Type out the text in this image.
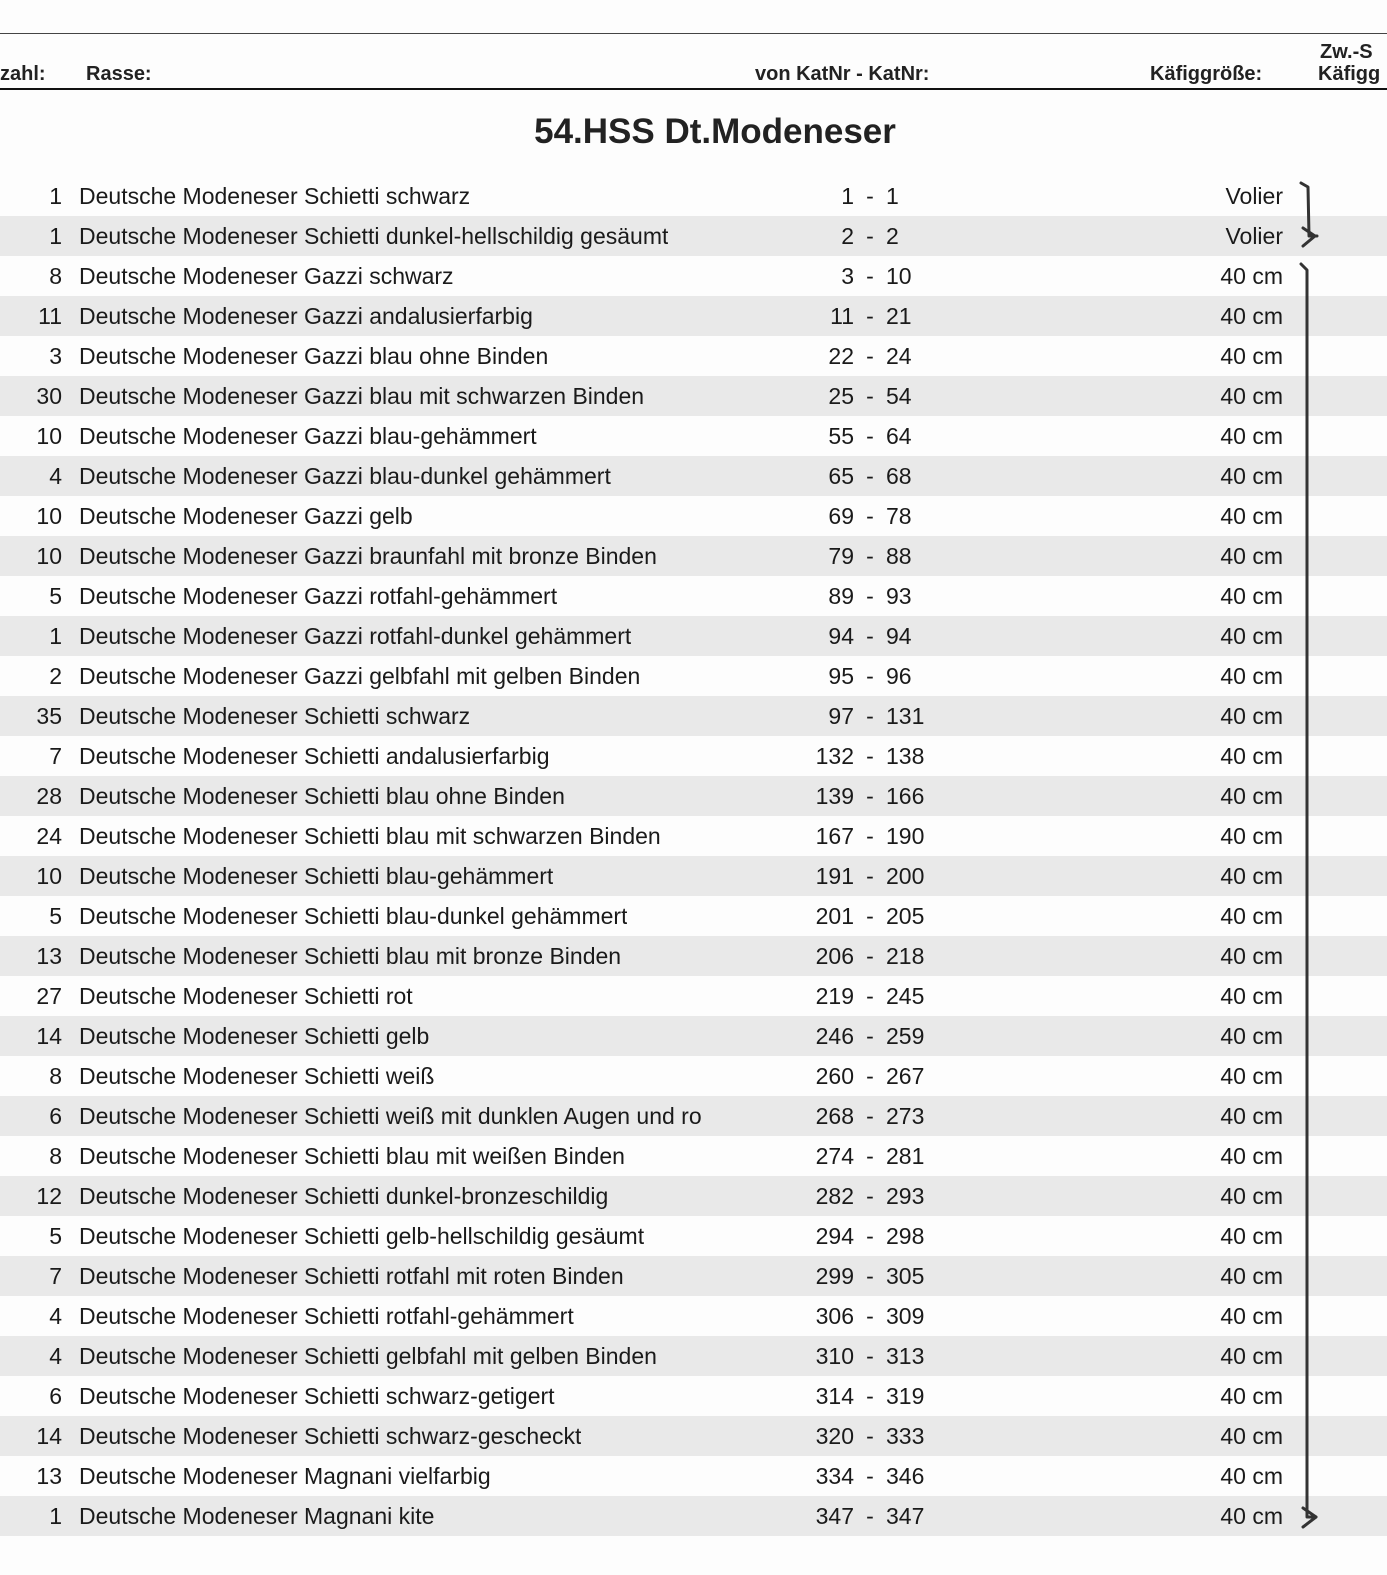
zahl: Rasse:	von KatNr - KatNr:	Käfiggröße:
Zw.-S
Käfigg
54.HSS Dt.Modeneser
1 Deutsche Modeneser Schietti schwarz	1 - 1	Volier
1 Deutsche Modeneser Schietti dunkel-hellschildig gesäumt	2 - 2	Volier
8 Deutsche Modeneser Gazzi schwarz	3 - 10	40 cm
11 Deutsche Modeneser Gazzi andalusierfarbig	11 - 21	40 cm
3 Deutsche Modeneser Gazzi blau ohne Binden	22 - 24	40 cm
30 Deutsche Modeneser Gazzi blau mit schwarzen Binden	25 - 54	40 cm
10 Deutsche Modeneser Gazzi blau-gehämmert	55 - 64	40 cm
4 Deutsche Modeneser Gazzi blau-dunkel gehämmert	65 - 68	40 cm
10 Deutsche Modeneser Gazzi gelb	69 - 78	40 cm
10 Deutsche Modeneser Gazzi braunfahl mit bronze Binden	79 - 88	40 cm
5 Deutsche Modeneser Gazzi rotfahl-gehämmert	89 - 93	40 cm
1 Deutsche Modeneser Gazzi rotfahl-dunkel gehämmert	94 - 94	40 cm
2 Deutsche Modeneser Gazzi gelbfahl mit gelben Binden	95 - 96	40 cm
35 Deutsche Modeneser Schietti schwarz	97 - 131	40 cm
7 Deutsche Modeneser Schietti andalusierfarbig	132 - 138	40 cm
28 Deutsche Modeneser Schietti blau ohne Binden	139 - 166	40 cm
24 Deutsche Modeneser Schietti blau mit schwarzen Binden	167 - 190	40 cm
10 Deutsche Modeneser Schietti blau-gehämmert	191 - 200	40 cm
5 Deutsche Modeneser Schietti blau-dunkel gehämmert	201 - 205	40 cm
13 Deutsche Modeneser Schietti blau mit bronze Binden	206 - 218	40 cm
27 Deutsche Modeneser Schietti rot	219 - 245	40 cm
14 Deutsche Modeneser Schietti gelb	246 - 259	40 cm
8 Deutsche Modeneser Schietti weiß	260 - 267	40 cm
6 Deutsche Modeneser Schietti weiß mit dunklen Augen und ro	268 - 273	40 cm
8 Deutsche Modeneser Schietti blau mit weißen Binden	274 - 281	40 cm
12 Deutsche Modeneser Schietti dunkel-bronzeschildig	282 - 293	40 cm
5 Deutsche Modeneser Schietti gelb-hellschildig gesäumt	294 - 298	40 cm
7 Deutsche Modeneser Schietti rotfahl mit roten Binden	299 - 305	40 cm
4 Deutsche Modeneser Schietti rotfahl-gehämmert	306 - 309	40 cm
4 Deutsche Modeneser Schietti gelbfahl mit gelben Binden	310 - 313	40 cm
6 Deutsche Modeneser Schietti schwarz-getigert	314 - 319	40 cm
14 Deutsche Modeneser Schietti schwarz-gescheckt	320 - 333	40 cm
13 Deutsche Modeneser Magnani vielfarbig	334 - 346	40 cm
1 Deutsche Modeneser Magnani kite	347 - 347	40 cm
